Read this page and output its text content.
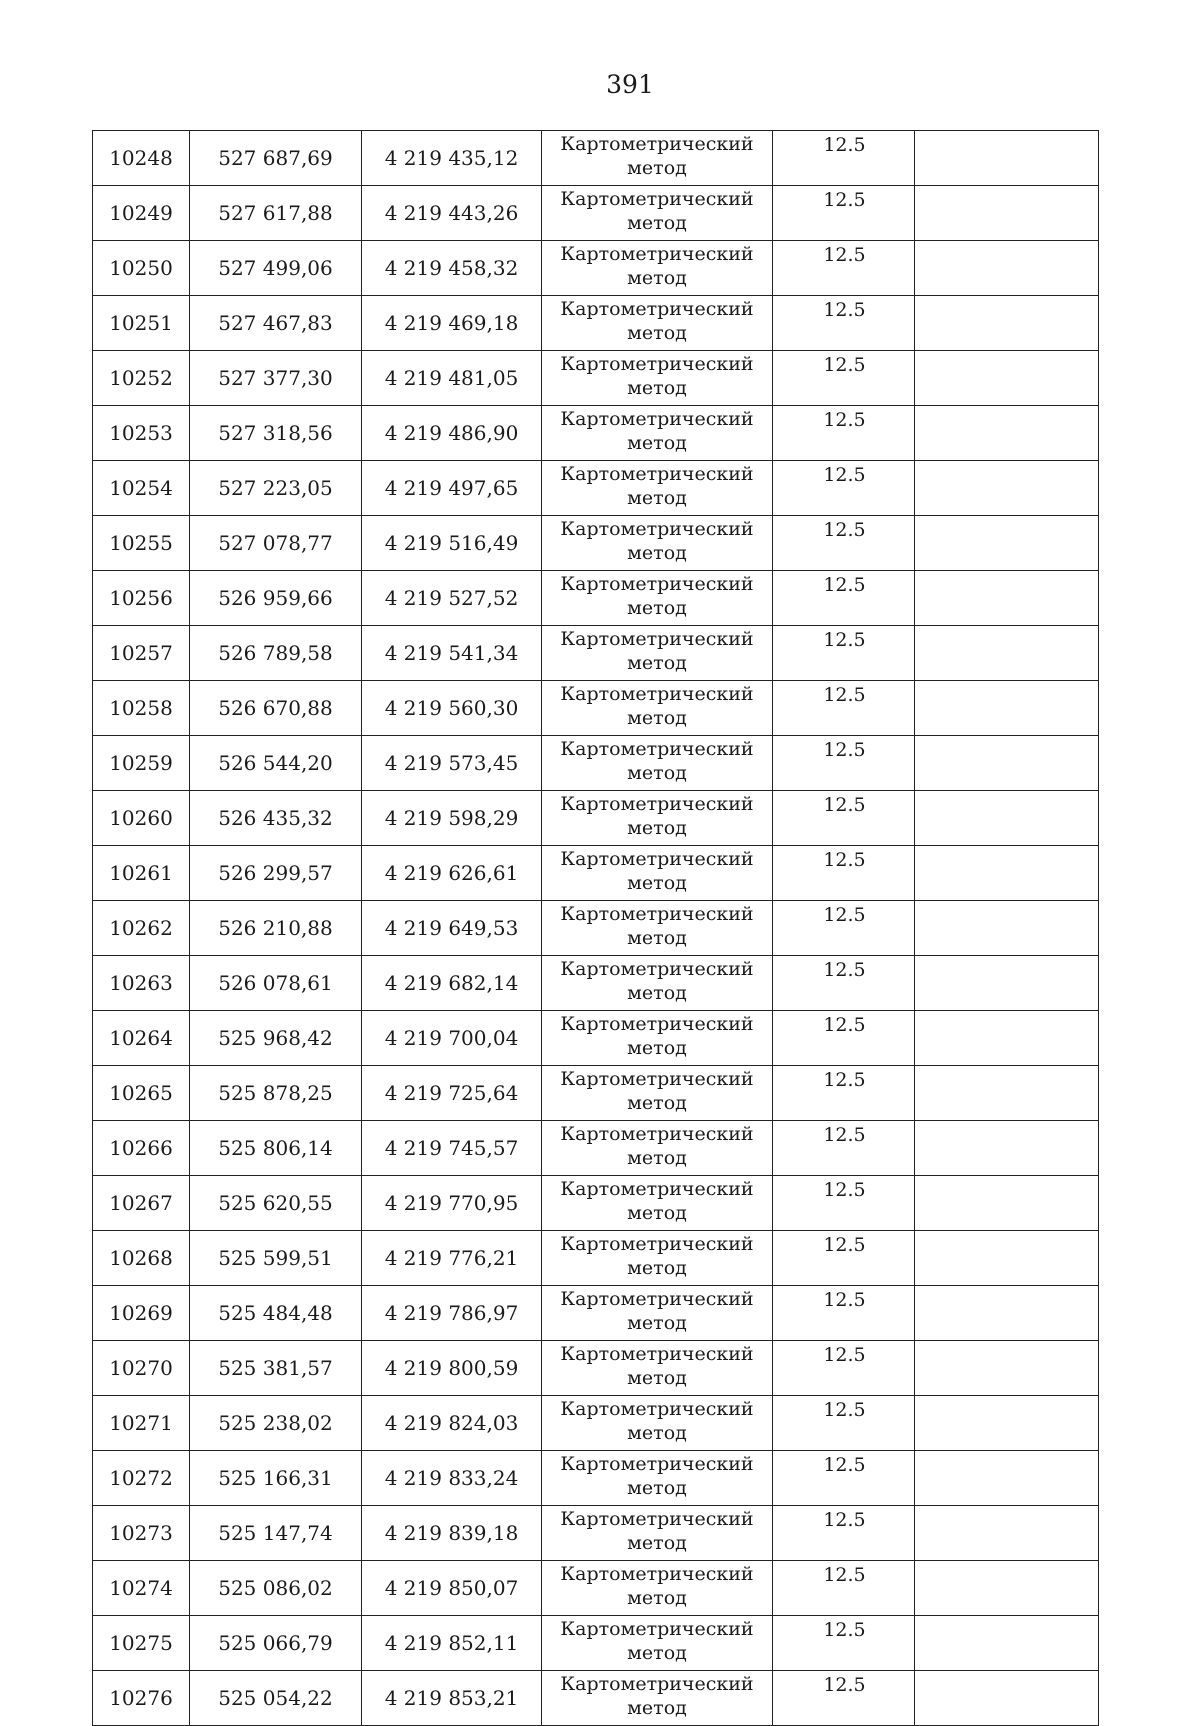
391
10248	527 687,69	4 219 435,12	Картометрический метод	12.5	
10249	527 617,88	4 219 443,26	Картометрический метод	12.5	
10250	527 499,06	4 219 458,32	Картометрический метод	12.5	
10251	527 467,83	4 219 469,18	Картометрический метод	12.5	
10252	527 377,30	4 219 481,05	Картометрический метод	12.5	
10253	527 318,56	4 219 486,90	Картометрический метод	12.5	
10254	527 223,05	4 219 497,65	Картометрический метод	12.5	
10255	527 078,77	4 219 516,49	Картометрический метод	12.5	
10256	526 959,66	4 219 527,52	Картометрический метод	12.5	
10257	526 789,58	4 219 541,34	Картометрический метод	12.5	
10258	526 670,88	4 219 560,30	Картометрический метод	12.5	
10259	526 544,20	4 219 573,45	Картометрический метод	12.5	
10260	526 435,32	4 219 598,29	Картометрический метод	12.5	
10261	526 299,57	4 219 626,61	Картометрический метод	12.5	
10262	526 210,88	4 219 649,53	Картометрический метод	12.5	
10263	526 078,61	4 219 682,14	Картометрический метод	12.5	
10264	525 968,42	4 219 700,04	Картометрический метод	12.5	
10265	525 878,25	4 219 725,64	Картометрический метод	12.5	
10266	525 806,14	4 219 745,57	Картометрический метод	12.5	
10267	525 620,55	4 219 770,95	Картометрический метод	12.5	
10268	525 599,51	4 219 776,21	Картометрический метод	12.5	
10269	525 484,48	4 219 786,97	Картометрический метод	12.5	
10270	525 381,57	4 219 800,59	Картометрический метод	12.5	
10271	525 238,02	4 219 824,03	Картометрический метод	12.5	
10272	525 166,31	4 219 833,24	Картометрический метод	12.5	
10273	525 147,74	4 219 839,18	Картометрический метод	12.5	
10274	525 086,02	4 219 850,07	Картометрический метод	12.5	
10275	525 066,79	4 219 852,11	Картометрический метод	12.5	
10276	525 054,22	4 219 853,21	Картометрический метод	12.5	
